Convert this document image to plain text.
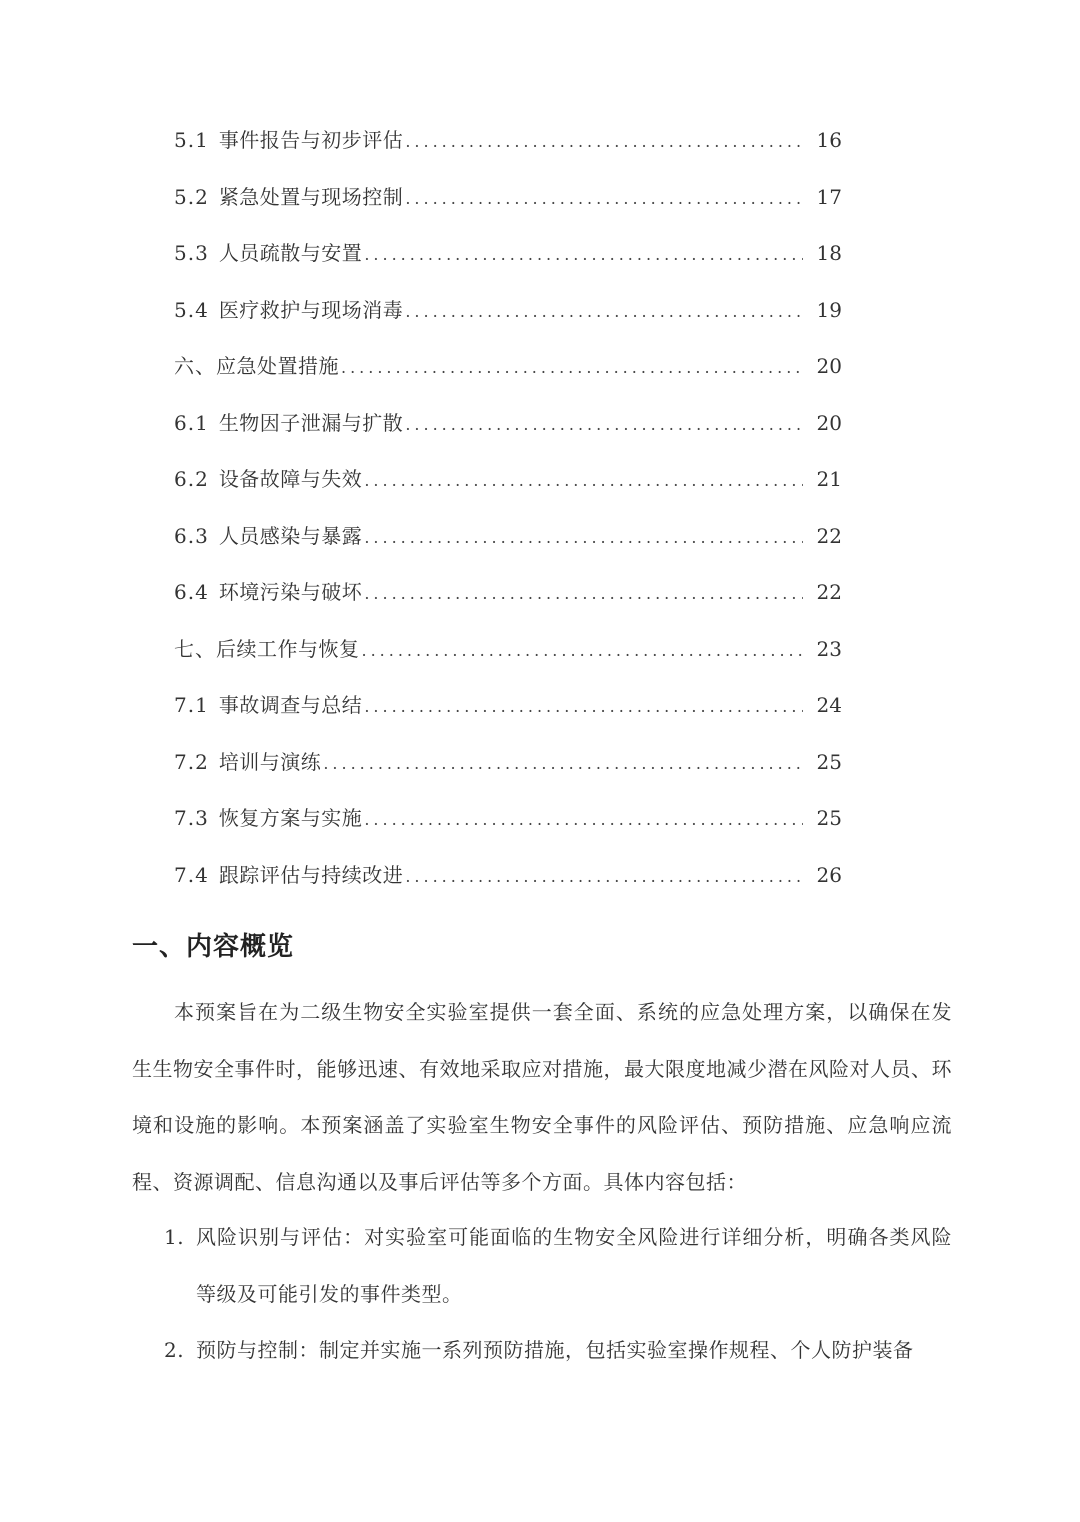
5.1 事件报告与初步评估 .....	16
5.2 紧急处置与现场控制 .....	17
5.3 人员疏散与安置 .....	18
5.4 医疗救护与现场消毒 .....	19
六、 应急处置措施 .....	20
6.1 生物因子泄漏与扩散 .....	20
6.2 设备故障与失效 .....	21
6.3 人员感染与暴露 .....	22
6.4 环境污染与破坏 .....	22
七、 后续工作与恢复 .....	23
7.1 事故调查与总结 .....	24
7.2 培训与演练 .....	25
7.3 恢复方案与实施 .....	25
7.4 跟踪评估与持续改进 .....	26
一、内容概览

本预案旨在为二级生物安全实验室提供一套全面、系统的应急处理方案，以确保在发生生物安全事件时，能够迅速、有效地采取应对措施，最大限度地减少潜在风险对人员、环境和设施的影响。本预案涵盖了实验室生物安全事件的风险评估、预防措施、应急响应流程、资源调配、信息沟通以及事后评估等多个方面。具体内容包括：

1. 风险识别与评估：对实验室可能面临的生物安全风险进行详细分析，明确各类风险等级及可能引发的事件类型。
2. 预防与控制：制定并实施一系列预防措施，包括实验室操作规程、个人防护装备
